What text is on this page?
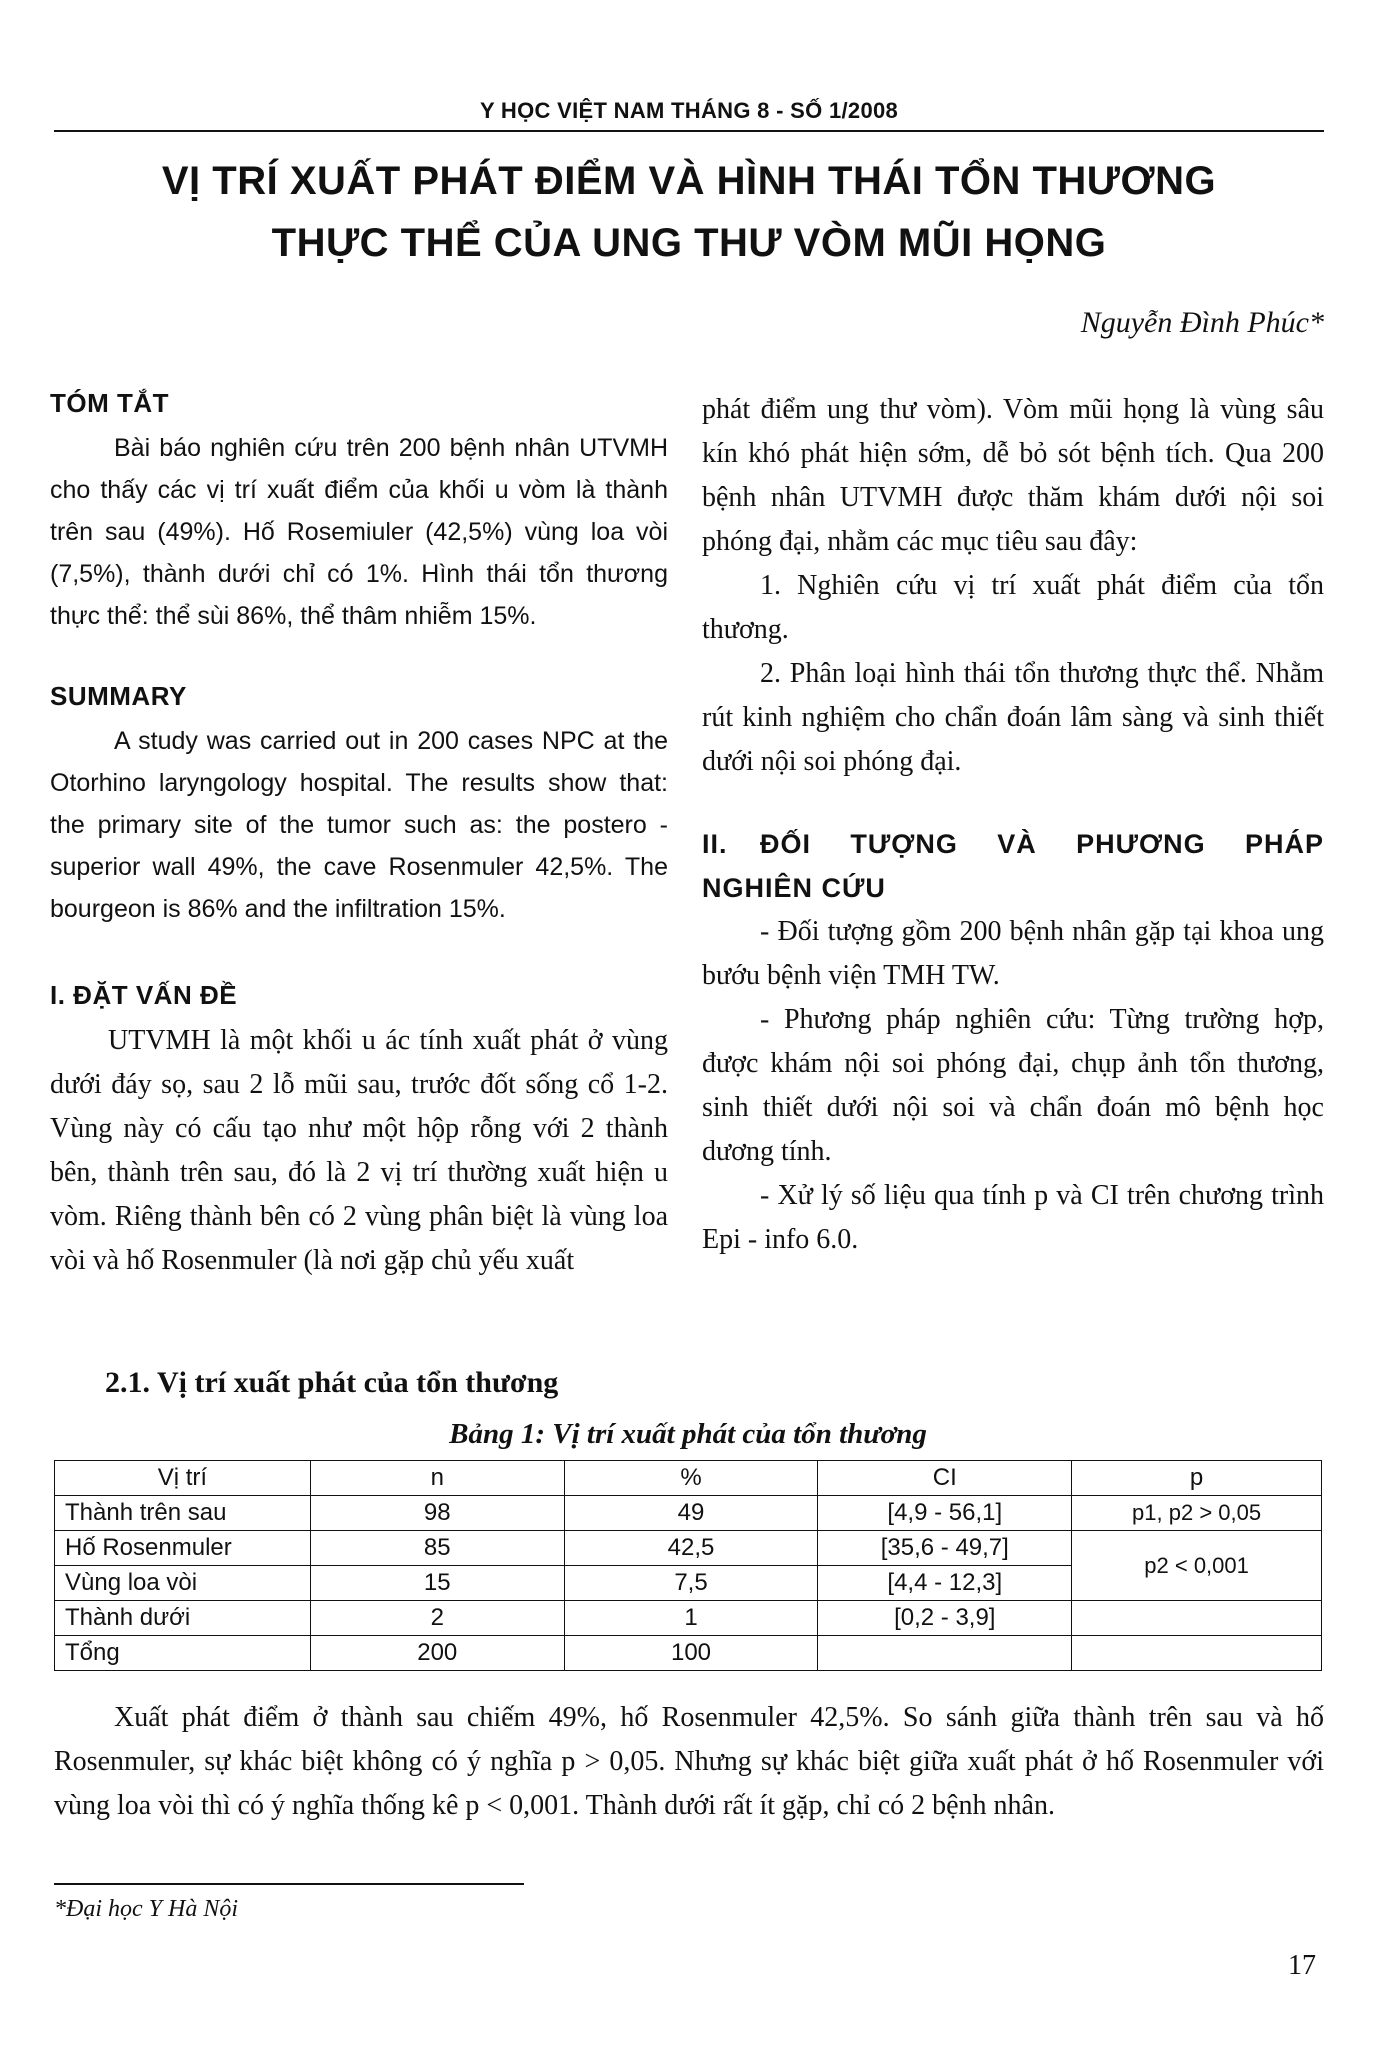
Y HỌC VIỆT NAM THÁNG 8 - SỐ 1/2008
VỊ TRÍ XUẤT PHÁT ĐIỂM VÀ HÌNH THÁI TỔN THƯƠNG
THỰC THỂ CỦA UNG THƯ VÒM MŨI HỌNG
Nguyễn Đình Phúc*
TÓM TẮT

Bài báo nghiên cứu trên 200 bệnh nhân UTVMH cho thấy các vị trí xuất điểm của khối u vòm là thành trên sau (49%). Hố Rosemiuler (42,5%) vùng loa vòi (7,5%), thành dưới chỉ có 1%. Hình thái tổn thương thực thể: thể sùi 86%, thể thâm nhiễm 15%.

SUMMARY

A study was carried out in 200 cases NPC at the Otorhino laryngology hospital. The results show that: the primary site of the tumor such as: the postero - superior wall 49%, the cave Rosenmuler 42,5%. The bourgeon is 86% and the infiltration 15%.

I. ĐẶT VẤN ĐỀ

UTVMH là một khối u ác tính xuất phát ở vùng dưới đáy sọ, sau 2 lỗ mũi sau, trước đốt sống cổ 1-2. Vùng này có cấu tạo như một hộp rỗng với 2 thành bên, thành trên sau, đó là 2 vị trí thường xuất hiện u vòm. Riêng thành bên có 2 vùng phân biệt là vùng loa vòi và hố Rosenmuler (là nơi gặp chủ yếu xuất

phát điểm ung thư vòm). Vòm mũi họng là vùng sâu kín khó phát hiện sớm, dễ bỏ sót bệnh tích. Qua 200 bệnh nhân UTVMH được thăm khám dưới nội soi phóng đại, nhằm các mục tiêu sau đây:

1. Nghiên cứu vị trí xuất phát điểm của tổn thương.

2. Phân loại hình thái tổn thương thực thể. Nhằm rút kinh nghiệm cho chẩn đoán lâm sàng và sinh thiết dưới nội soi phóng đại.

II. ĐỐI TƯỢNG VÀ PHƯƠNG PHÁP
NGHIÊN CỨU

- Đối tượng gồm 200 bệnh nhân gặp tại khoa ung bướu bệnh viện TMH TW.

- Phương pháp nghiên cứu: Từng trường hợp, được khám nội soi phóng đại, chụp ảnh tổn thương, sinh thiết dưới nội soi và chẩn đoán mô bệnh học dương tính.

- Xử lý số liệu qua tính p và CI trên chương trình Epi - info 6.0.

2.1. Vị trí xuất phát của tổn thương
Bảng 1: Vị trí xuất phát của tổn thương
Vị trí	n	%	CI	p
Thành trên sau	98	49	[4,9 - 56,1]	p1, p2 > 0,05
Hố Rosenmuler	85	42,5	[35,6 - 49,7]	p2 < 0,001
Vùng loa vòi	15	7,5	[4,4 - 12,3]	
Thành dưới	2	1	[0,2 - 3,9]	
Tổng	200	100		

Xuất phát điểm ở thành sau chiếm 49%, hố Rosenmuler 42,5%. So sánh giữa thành trên sau và hố Rosenmuler, sự khác biệt không có ý nghĩa p > 0,05. Nhưng sự khác biệt giữa xuất phát ở hố Rosenmuler với vùng loa vòi thì có ý nghĩa thống kê p < 0,001. Thành dưới rất ít gặp, chỉ có 2 bệnh nhân.

*Đại học Y Hà Nội
17
